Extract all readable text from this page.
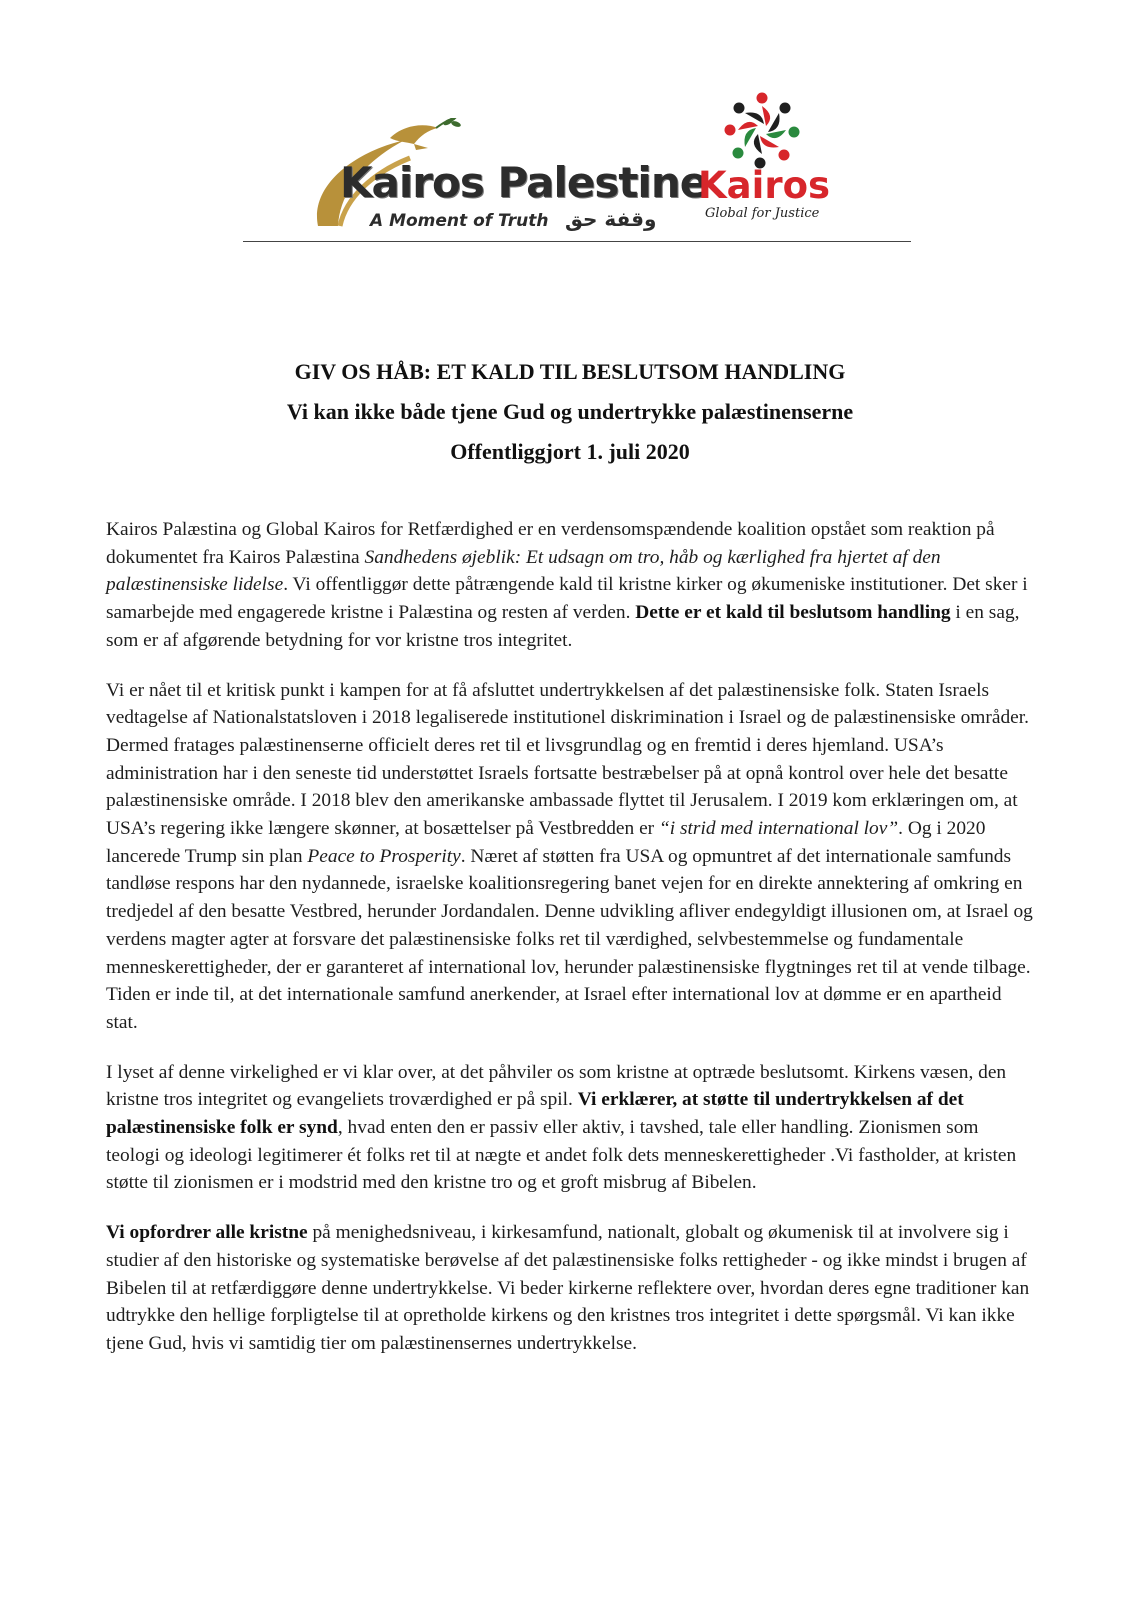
Kairos Palestine
A Moment of Truth وقفة حق
Kairos
Global for Justice
GIV OS HÅB: ET KALD TIL BESLUTSOM HANDLING
Vi kan ikke både tjene Gud og undertrykke palæstinenserne
Offentliggjort 1. juli 2020

Kairos Palæstina og Global Kairos for Retfærdighed er en verdensomspændende koalition opstået som reaktion på dokumentet fra Kairos Palæstina Sandhedens øjeblik: Et udsagn om tro, håb og kærlighed fra hjertet af den palæstinensiske lidelse. Vi offentliggør dette påtrængende kald til kristne kirker og økumeniske institutioner. Det sker i samarbejde med engagerede kristne i Palæstina og resten af verden. Dette er et kald til beslutsom handling i en sag, som er af afgørende betydning for vor kristne tros integritet.

Vi er nået til et kritisk punkt i kampen for at få afsluttet undertrykkelsen af det palæstinensiske folk. Staten Israels vedtagelse af Nationalstatsloven i 2018 legaliserede institutionel diskrimination i Israel og de palæstinensiske områder. Dermed fratages palæstinenserne officielt deres ret til et livsgrundlag og en fremtid i deres hjemland. USA’s administration har i den seneste tid understøttet Israels fortsatte bestræbelser på at opnå kontrol over hele det besatte palæstinensiske område. I 2018 blev den amerikanske ambassade flyttet til Jerusalem. I 2019 kom erklæringen om, at USA’s regering ikke længere skønner, at bosættelser på Vestbredden er “i strid med international lov”. Og i 2020 lancerede Trump sin plan Peace to Prosperity. Næret af støtten fra USA og opmuntret af det internationale samfunds tandløse respons har den nydannede, israelske koalitionsregering banet vejen for en direkte annektering af omkring en tredjedel af den besatte Vestbred, herunder Jordandalen. Denne udvikling afliver endegyldigt illusionen om, at Israel og verdens magter agter at forsvare det palæstinensiske folks ret til værdighed, selvbestemmelse og fundamentale menneskerettigheder, der er garanteret af international lov, herunder palæstinensiske flygtninges ret til at vende tilbage. Tiden er inde til, at det internationale samfund anerkender, at Israel efter international lov at dømme er en apartheid stat.

I lyset af denne virkelighed er vi klar over, at det påhviler os som kristne at optræde beslutsomt. Kirkens væsen, den kristne tros integritet og evangeliets troværdighed er på spil. Vi erklærer, at støtte til undertrykkelsen af det palæstinensiske folk er synd, hvad enten den er passiv eller aktiv, i tavshed, tale eller handling. Zionismen som teologi og ideologi legitimerer ét folks ret til at nægte et andet folk dets menneskerettigheder .Vi fastholder, at kristen støtte til zionismen er i modstrid med den kristne tro og et groft misbrug af Bibelen.

Vi opfordrer alle kristne på menighedsniveau, i kirkesamfund, nationalt, globalt og økumenisk til at involvere sig i studier af den historiske og systematiske berøvelse af det palæstinensiske folks rettigheder - og ikke mindst i brugen af Bibelen til at retfærdiggøre denne undertrykkelse. Vi beder kirkerne reflektere over, hvordan deres egne traditioner kan udtrykke den hellige forpligtelse til at opretholde kirkens og den kristnes tros integritet i dette spørgsmål. Vi kan ikke tjene Gud, hvis vi samtidig tier om palæstinensernes undertrykkelse.
